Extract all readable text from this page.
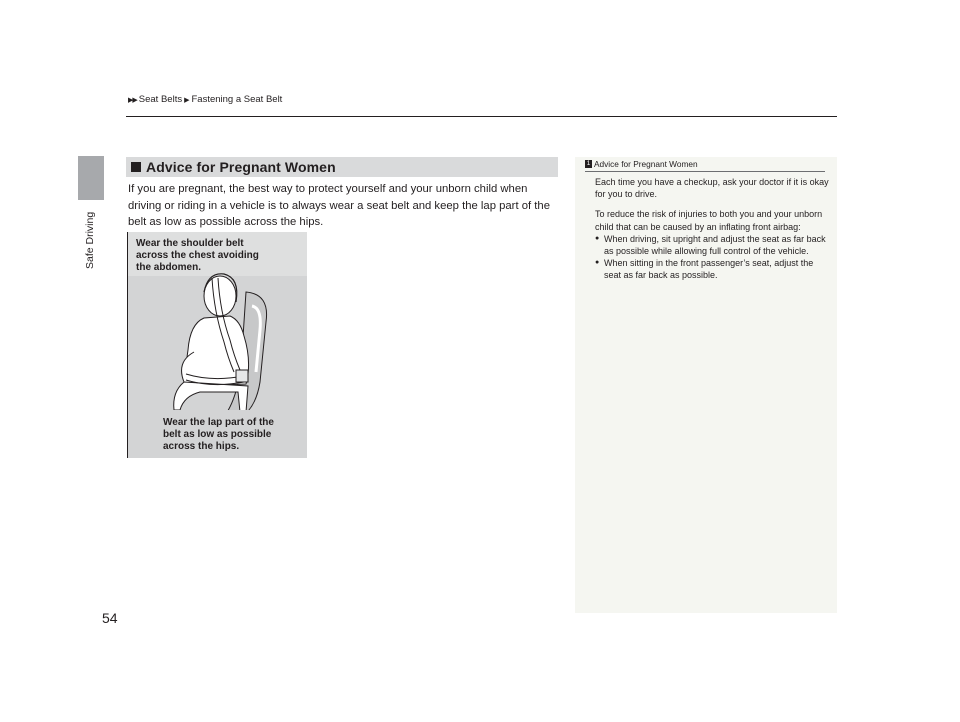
Safe Driving
▶▶ Seat Belts ▶ Fastening a Seat Belt
Advice for Pregnant Women
If you are pregnant, the best way to protect yourself and your unborn child when driving or riding in a vehicle is to always wear a seat belt and keep the lap part of the belt as low as possible across the hips.
Wear the shoulder belt
across the chest avoiding
the abdomen.
Wear the lap part of the
belt as low as possible
across the hips.
1 Advice for Pregnant Women

Each time you have a checkup, ask your doctor if it is okay for you to drive.

To reduce the risk of injuries to both you and your unborn child that can be caused by an inflating front airbag:

● When driving, sit upright and adjust the seat as far back as possible while allowing full control of the vehicle.
● When sitting in the front passenger’s seat, adjust the seat as far back as possible.
54
